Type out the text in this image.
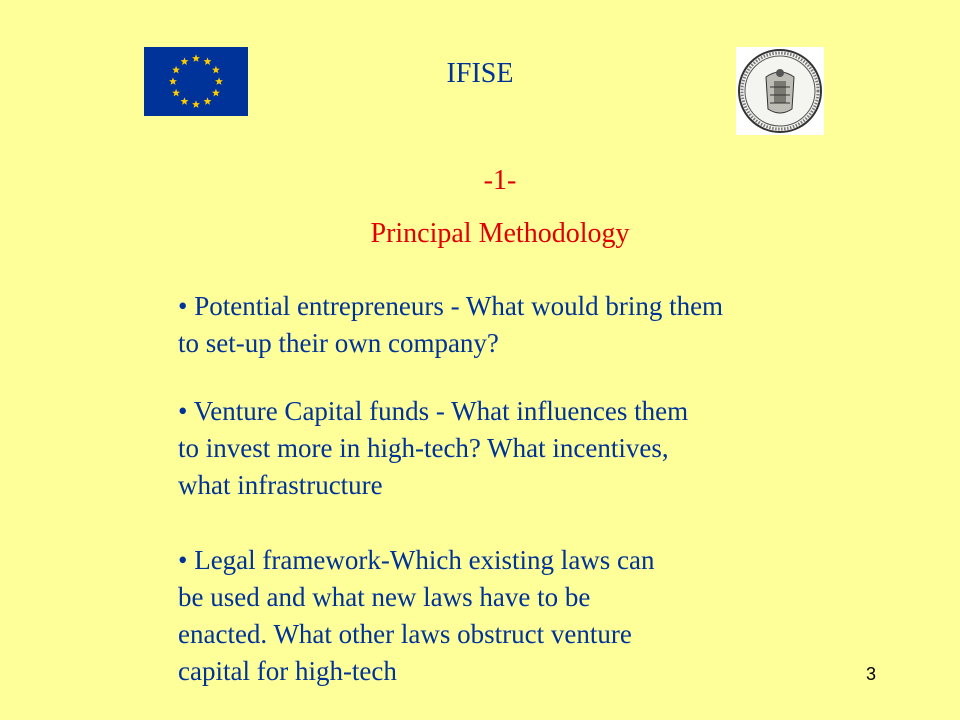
IFISE
-1-
Principal Methodology
• Potential entrepreneurs - What would bring them
to set-up their own company?
• Venture Capital funds - What influences them
to invest more in high-tech? What incentives,
what infrastructure
• Legal framework-Which existing laws can
be used and what new laws have to be
enacted. What other laws obstruct venture
capital for high-tech	3
